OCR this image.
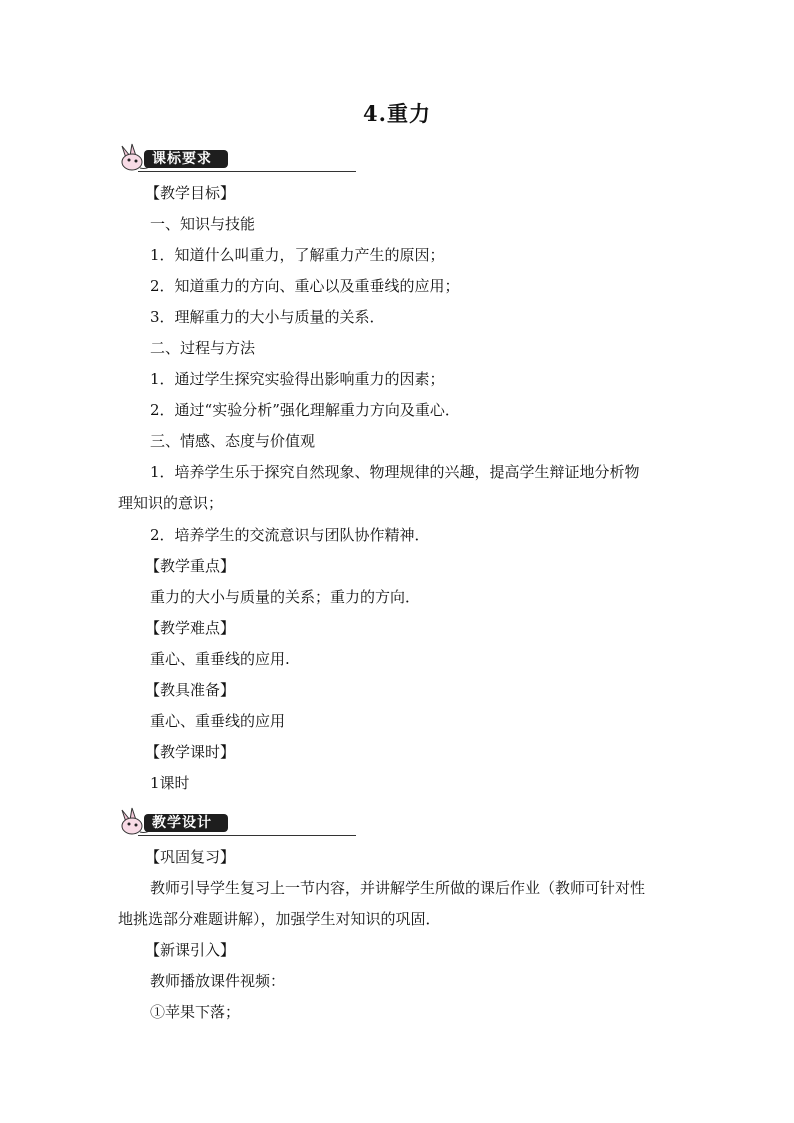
4.重力
课标要求
【教学目标】
一、知识与技能
1．知道什么叫重力，了解重力产生的原因；
2．知道重力的方向、重心以及重垂线的应用；
3．理解重力的大小与质量的关系．
二、过程与方法
1．通过学生探究实验得出影响重力的因素；
2．通过“实验分析”强化理解重力方向及重心．
三、情感、态度与价值观
1．培养学生乐于探究自然现象、物理规律的兴趣，提高学生辩证地分析物
理知识的意识；
2．培养学生的交流意识与团队协作精神．
【教学重点】
重力的大小与质量的关系；重力的方向．
【教学难点】
重心、重垂线的应用.
【教具准备】
重心、重垂线的应用
【教学课时】
1课时
教学设计
【巩固复习】
教师引导学生复习上一节内容，并讲解学生所做的课后作业（教师可针对性
地挑选部分难题讲解），加强学生对知识的巩固．
【新课引入】
教师播放课件视频：
①苹果下落；
